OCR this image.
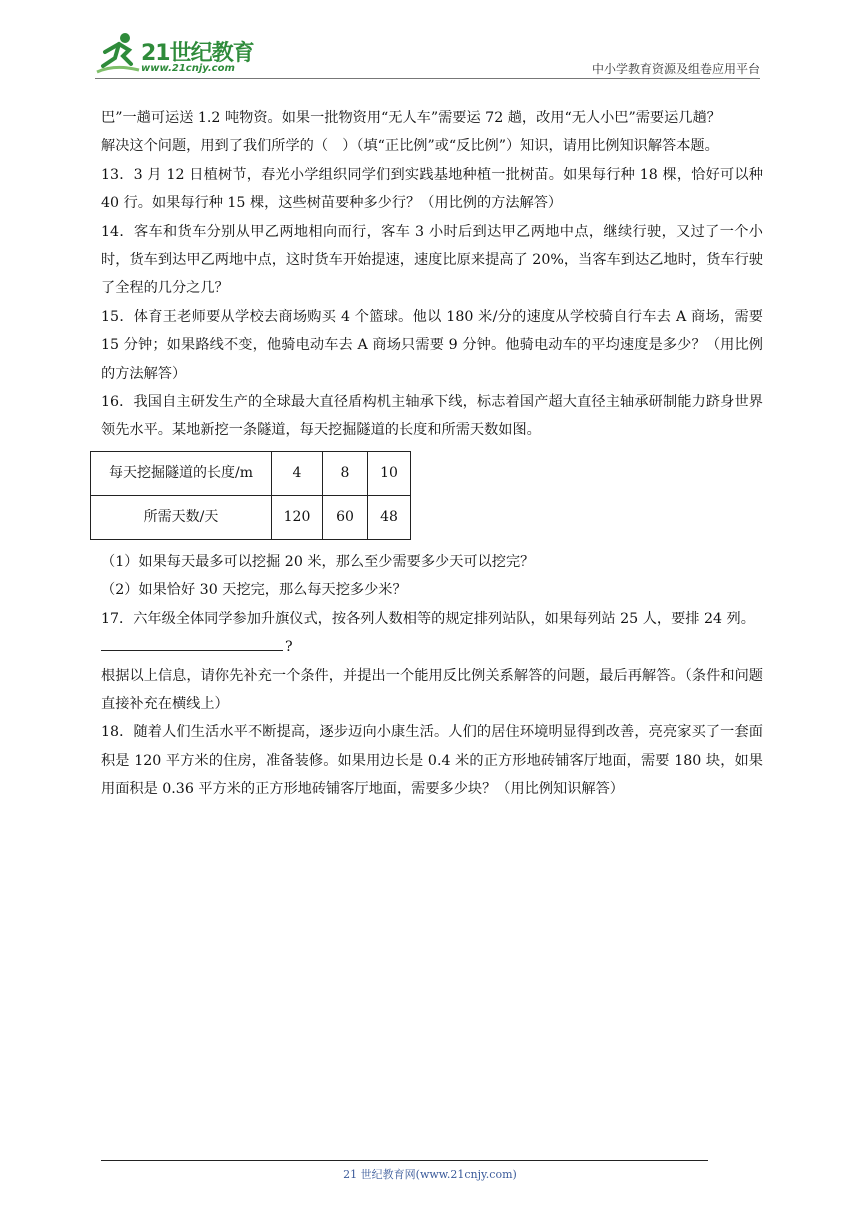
21世纪教育
www.21cnjy.com	中小学教育资源及组卷应用平台

巴”一趟可运送 1.2 吨物资。如果一批物资用“无人车”需要运 72 趟，改用“无人小巴”需要运几趟？

解决这个问题，用到了我们所学的（　）（填“正比例”或“反比例”）知识，请用比例知识解答本题。

13．3 月 12 日植树节，春光小学组织同学们到实践基地种植一批树苗。如果每行种 18 棵，恰好可以种 40 行。如果每行种 15 棵，这些树苗要种多少行？（用比例的方法解答）

14．客车和货车分别从甲乙两地相向而行，客车 3 小时后到达甲乙两地中点，继续行驶，又过了一个小时，货车到达甲乙两地中点，这时货车开始提速，速度比原来提高了 20%，当客车到达乙地时，货车行驶了全程的几分之几？

15．体育王老师要从学校去商场购买 4 个篮球。他以 180 米/分的速度从学校骑自行车去 A 商场，需要 15 分钟；如果路线不变，他骑电动车去 A 商场只需要 9 分钟。他骑电动车的平均速度是多少？（用比例的方法解答）

16．我国自主研发生产的全球最大直径盾构机主轴承下线，标志着国产超大直径主轴承研制能力跻身世界领先水平。某地新挖一条隧道，每天挖掘隧道的长度和所需天数如图。

每天挖掘隧道的长度/m	4	8	10
所需天数/天	120	60	48

（1）如果每天最多可以挖掘 20 米，那么至少需要多少天可以挖完？

（2）如果恰好 30 天挖完，那么每天挖多少米？

17．六年级全体同学参加升旗仪式，按各列人数相等的规定排列站队，如果每列站 25 人，要排 24 列。

?

根据以上信息，请你先补充一个条件，并提出一个能用反比例关系解答的问题，最后再解答。（条件和问题直接补充在横线上）

18．随着人们生活水平不断提高，逐步迈向小康生活。人们的居住环境明显得到改善，亮亮家买了一套面积是 120 平方米的住房，准备装修。如果用边长是 0.4 米的正方形地砖铺客厅地面，需要 180 块，如果用面积是 0.36 平方米的正方形地砖铺客厅地面，需要多少块？（用比例知识解答）

21 世纪教育网(www.21cnjy.com)
